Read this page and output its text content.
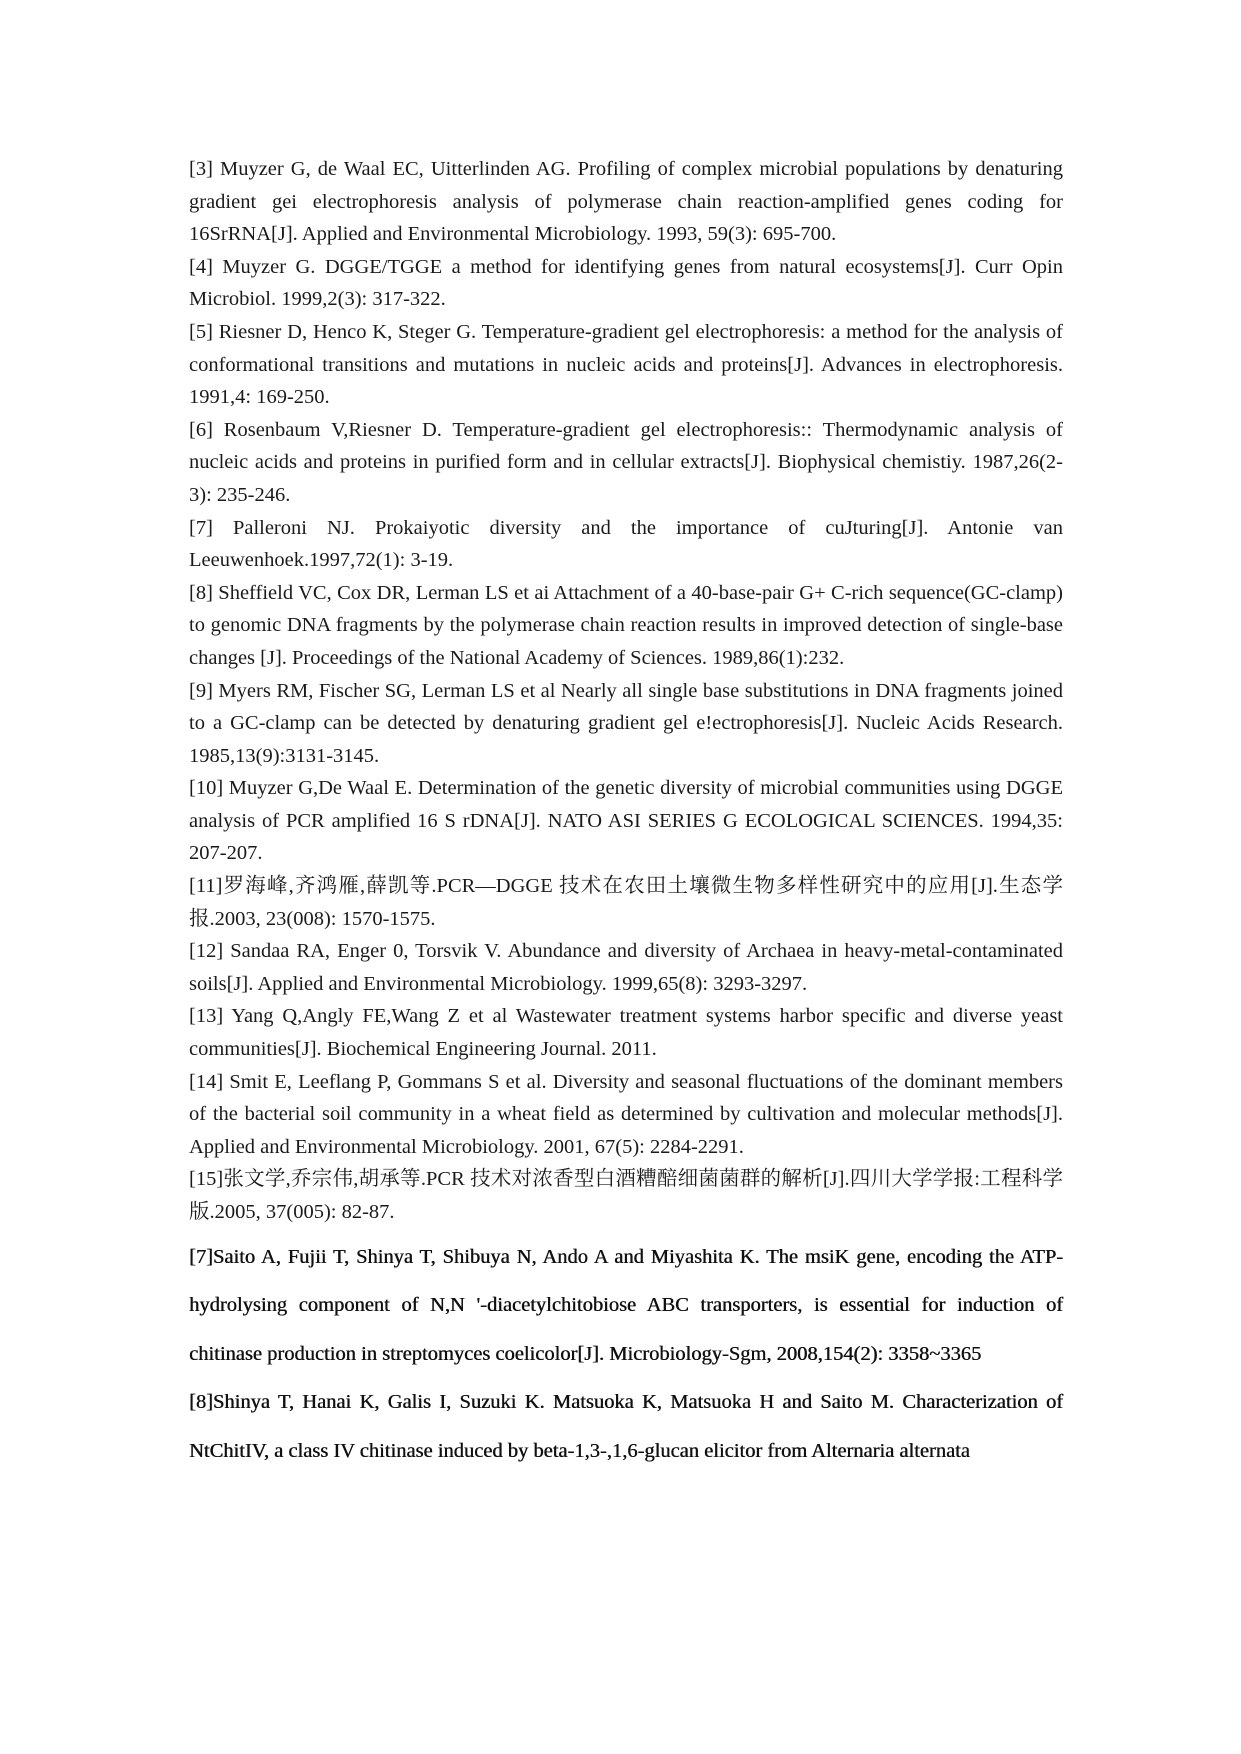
[3] Muyzer G, de Waal EC, Uitterlinden AG. Profiling of complex microbial populations by denaturing gradient gei electrophoresis analysis of polymerase chain reaction-amplified genes coding for 16SrRNA[J]. Applied and Environmental Microbiology. 1993, 59(3): 695-700.

[4] Muyzer G. DGGE/TGGE a method for identifying genes from natural ecosystems[J]. Curr Opin Microbiol. 1999,2(3): 317-322.

[5] Riesner D, Henco K, Steger G. Temperature-gradient gel electrophoresis: a method for the analysis of conformational transitions and mutations in nucleic acids and proteins[J]. Advances in electrophoresis. 1991,4: 169-250.

[6] Rosenbaum V,Riesner D. Temperature-gradient gel electrophoresis:: Thermodynamic analysis of nucleic acids and proteins in purified form and in cellular extracts[J]. Biophysical chemistiy. 1987,26(2-3): 235-246.

[7] Palleroni NJ. Prokaiyotic diversity and the importance of cuJturing[J]. Antonie van Leeuwenhoek.1997,72(1): 3-19.

[8] Sheffield VC, Cox DR, Lerman LS et ai Attachment of a 40-base-pair G+ C-rich sequence(GC-clamp) to genomic DNA fragments by the polymerase chain reaction results in improved detection of single-base changes [J]. Proceedings of the National Academy of Sciences. 1989,86(1):232.

[9] Myers RM, Fischer SG, Lerman LS et al Nearly all single base substitutions in DNA fragments joined to a GC-clamp can be detected by denaturing gradient gel e!ectrophoresis[J]. Nucleic Acids Research. 1985,13(9):3131-3145.

[10] Muyzer G,De Waal E. Determination of the genetic diversity of microbial communities using DGGE analysis of PCR amplified 16 S rDNA[J]. NATO ASI SERIES G ECOLOGICAL SCIENCES. 1994,35: 207-207.

[11]罗海峰,齐鸿雁,薛凯等.PCR—DGGE 技术在农田土壤微生物多样性研究中的应用[J].生态学报.2003, 23(008): 1570-1575.

[12] Sandaa RA, Enger 0, Torsvik V. Abundance and diversity of Archaea in heavy-metal-contaminated soils[J]. Applied and Environmental Microbiology. 1999,65(8): 3293-3297.

[13] Yang Q,Angly FE,Wang Z et al Wastewater treatment systems harbor specific and diverse yeast communities[J]. Biochemical Engineering Journal. 2011.

[14] Smit E, Leeflang P, Gommans S et al. Diversity and seasonal fluctuations of the dominant members of the bacterial soil community in a wheat field as determined by cultivation and molecular methods[J]. Applied and Environmental Microbiology. 2001, 67(5): 2284-2291.

[15]张文学,乔宗伟,胡承等.PCR 技术对浓香型白酒糟醅细菌菌群的解析[J].四川大学学报:工程科学版.2005, 37(005): 82-87.

[7]Saito A, Fujii T, Shinya T, Shibuya N, Ando A and Miyashita K. The msiK gene, encoding the ATP-hydrolysing component of N,N '-diacetylchitobiose ABC transporters, is essential for induction of chitinase production in streptomyces coelicolor[J]. Microbiology-Sgm, 2008,154(2): 3358~3365

[8]Shinya T, Hanai K, Galis I, Suzuki K. Matsuoka K, Matsuoka H and Saito M. Characterization of NtChitIV, a class IV chitinase induced by beta-1,3-,1,6-glucan elicitor from Alternaria alternata
